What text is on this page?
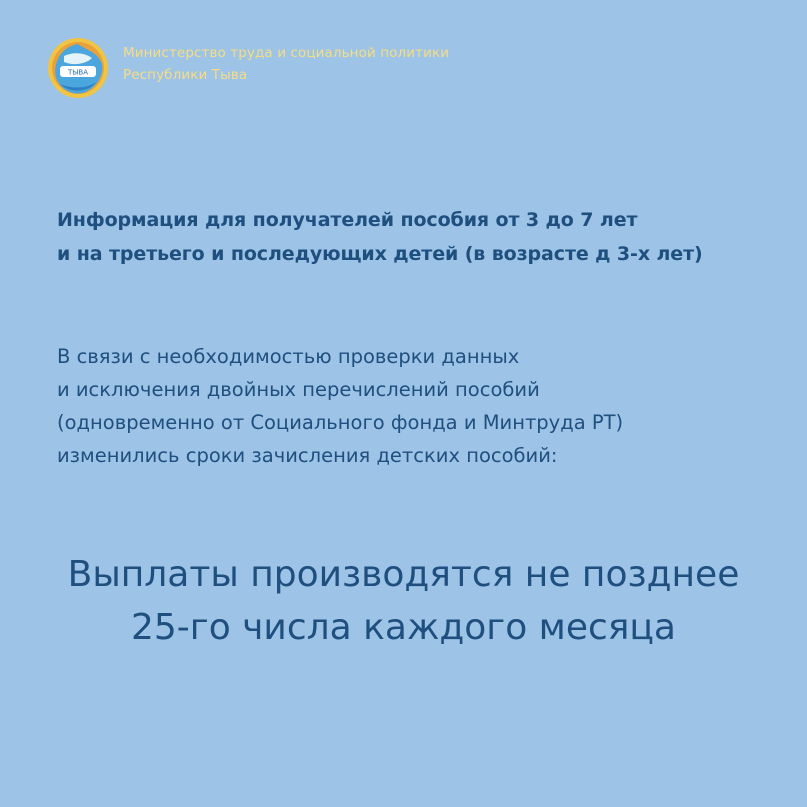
ТЫВА
Министерство труда и социальной политики
Республики Тыва
Информация для получателей пособия от 3 до 7 лет
и на третьего и последующих детей (в возрасте д 3-х лет)
В связи с необходимостью проверки данных
и исключения двойных перечислений пособий
(одновременно от Социального фонда и Минтруда РТ)
изменились сроки зачисления детских пособий:
Выплаты производятся не позднее
25-го числа каждого месяца
